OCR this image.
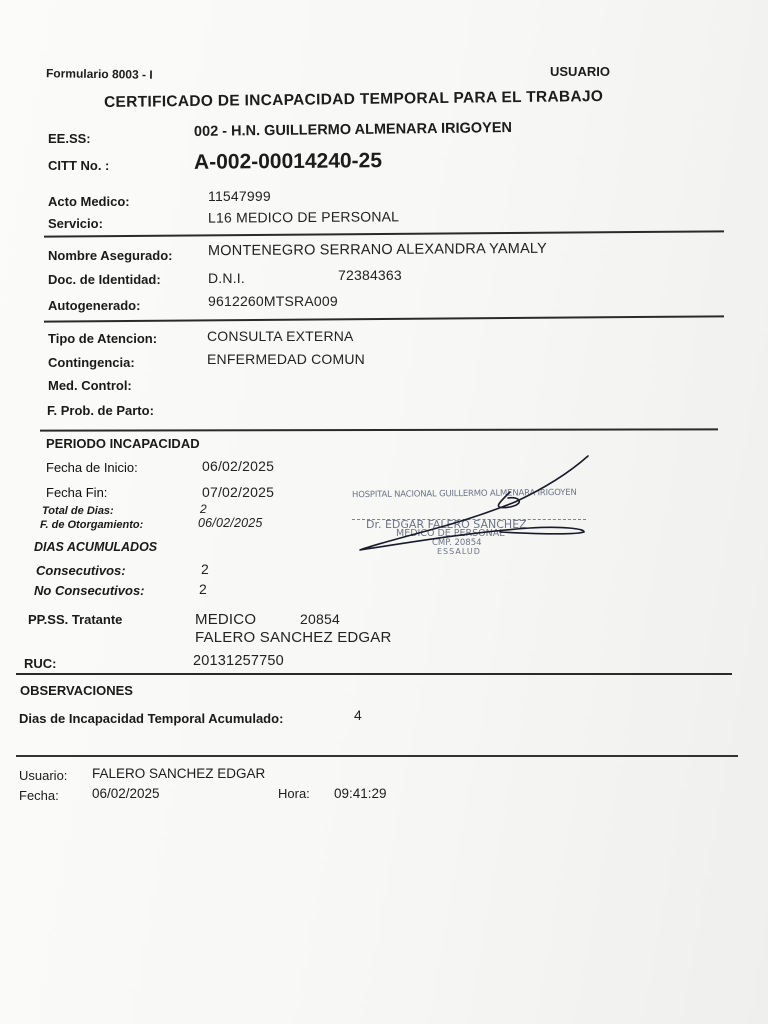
Formulario 8003 - I	USUARIO
CERTIFICADO DE INCAPACIDAD TEMPORAL PARA EL TRABAJO
EE.SS:	002 - H.N. GUILLERMO ALMENARA IRIGOYEN
CITT No. :	A-002-00014240-25
Acto Medico:	11547999
Servicio:	L16 MEDICO DE PERSONAL
Nombre Asegurado: MONTENEGRO SERRANO ALEXANDRA YAMALY
Doc. de Identidad:	D.N.I.	72384363
Autogenerado:	9612260MTSRA009
Tipo de Atencion:	CONSULTA EXTERNA
Contingencia:	ENFERMEDAD COMUN
Med. Control:
F. Prob. de Parto:
PERIODO INCAPACIDAD
Fecha de Inicio:	06/02/2025
Fecha Fin:	07/02/2025
Total de Dias:	2
F. de Otorgamiento:	06/02/2025
DIAS ACUMULADOS
Consecutivos:	2
No Consecutivos:	2
HOSPITAL NACIONAL GUILLERMO ALMENARA IRIGOYEN
Dr. EDGAR FALERO SANCHEZ
MEDICO DE PERSONAL
CMP. 20854
ESSALUD
PP.SS. Tratante	MEDICO	20854
FALERO SANCHEZ EDGAR
RUC:	20131257750
OBSERVACIONES
Dias de Incapacidad Temporal Acumulado:	4
Usuario: FALERO SANCHEZ EDGAR
Fecha: 06/02/2025	Hora: 09:41:29
